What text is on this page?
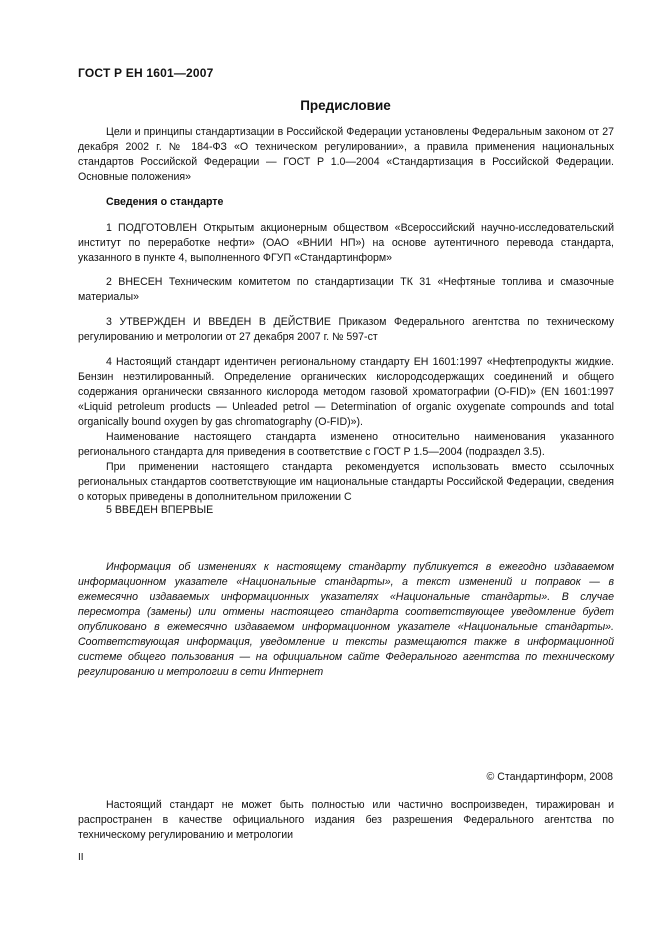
ГОСТ Р ЕН 1601—2007
Предисловие

Цели и принципы стандартизации в Российской Федерации установлены Федеральным законом от 27 декабря 2002 г. № 184-ФЗ «О техническом регулировании», а правила применения национальных стандартов Российской Федерации — ГОСТ Р 1.0—2004 «Стандартизация в Российской Федерации. Основные положения»

Сведения о стандарте

1 ПОДГОТОВЛЕН Открытым акционерным обществом «Всероссийский научно-исследовательский институт по переработке нефти» (ОАО «ВНИИ НП») на основе аутентичного перевода стандарта, указанного в пункте 4, выполненного ФГУП «Стандартинформ»

2 ВНЕСЕН Техническим комитетом по стандартизации ТК 31 «Нефтяные топлива и смазочные материалы»

3 УТВЕРЖДЕН И ВВЕДЕН В ДЕЙСТВИЕ Приказом Федерального агентства по техническому регулированию и метрологии от 27 декабря 2007 г. № 597-ст

4 Настоящий стандарт идентичен региональному стандарту ЕН 1601:1997 «Нефтепродукты жидкие. Бензин неэтилированный. Определение органических кислородсодержащих соединений и общего содержания органически связанного кислорода методом газовой хроматографии (O-FID)» (EN 1601:1997 «Liquid petroleum products — Unleaded petrol — Determination of organic oxygenate compounds and total organically bound oxygen by gas chromatography (O-FID)»).

Наименование настоящего стандарта изменено относительно наименования указанного регионального стандарта для приведения в соответствие с ГОСТ Р 1.5—2004 (подраздел 3.5).

При применении настоящего стандарта рекомендуется использовать вместо ссылочных региональных стандартов соответствующие им национальные стандарты Российской Федерации, сведения о которых приведены в дополнительном приложении С

5 ВВЕДЕН ВПЕРВЫЕ

Информация об изменениях к настоящему стандарту публикуется в ежегодно издаваемом информационном указателе «Национальные стандарты», а текст изменений и поправок — в ежемесячно издаваемых информационных указателях «Национальные стандарты». В случае пересмотра (замены) или отмены настоящего стандарта соответствующее уведомление будет опубликовано в ежемесячно издаваемом информационном указателе «Национальные стандарты». Соответствующая информация, уведомление и тексты размещаются также в информационной системе общего пользования — на официальном сайте Федерального агентства по техническому регулированию и метрологии в сети Интернет

© Стандартинформ, 2008

Настоящий стандарт не может быть полностью или частично воспроизведен, тиражирован и распространен в качестве официального издания без разрешения Федерального агентства по техническому регулированию и метрологии

II
